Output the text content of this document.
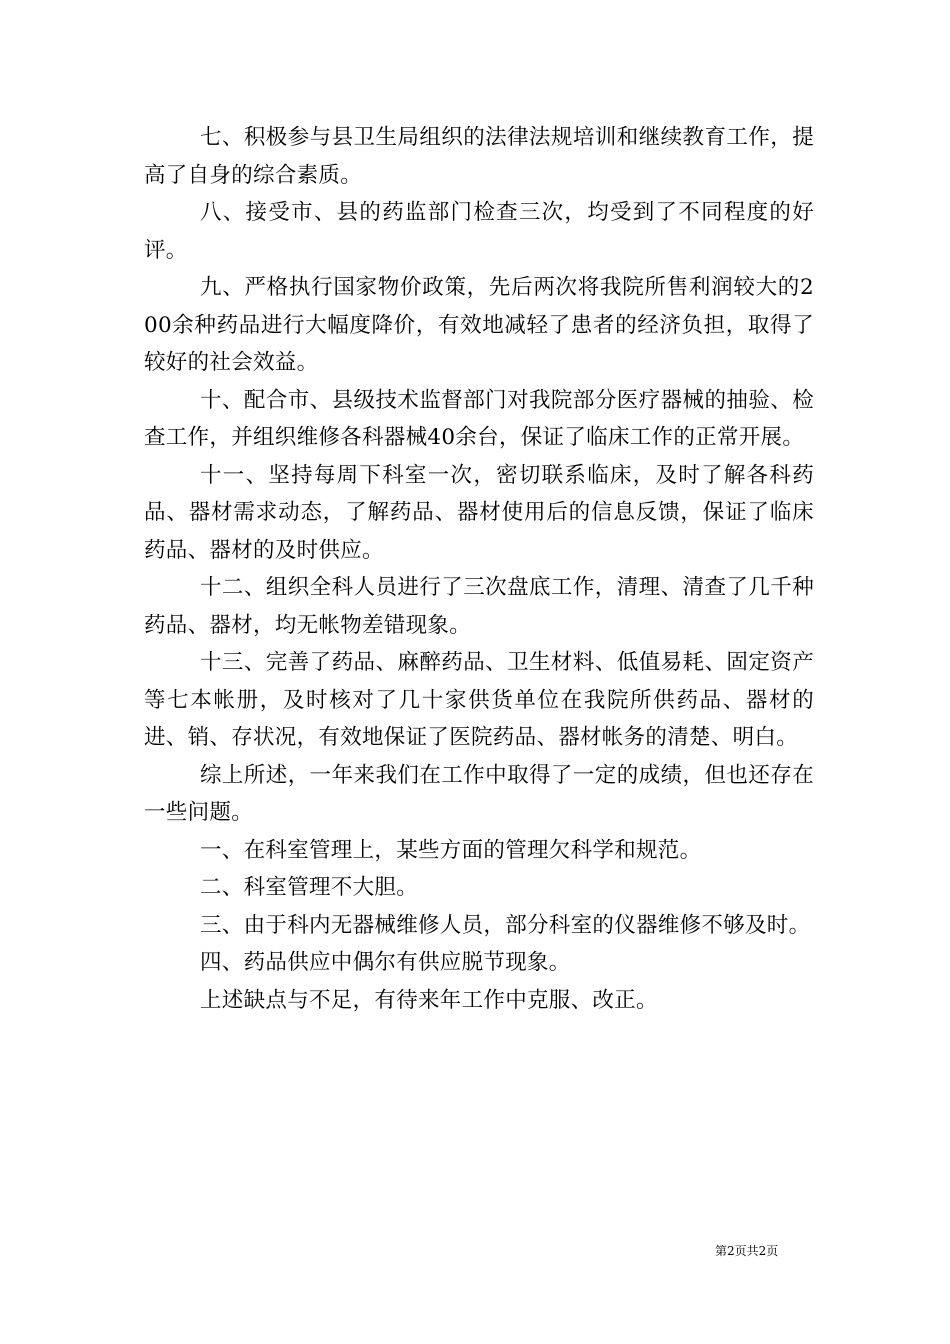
七、积极参与县卫生局组织的法律法规培训和继续教育工作，提高了自身的综合素质。

八、接受市、县的药监部门检查三次，均受到了不同程度的好评。

九、严格执行国家物价政策，先后两次将我院所售利润较大的200余种药品进行大幅度降价，有效地减轻了患者的经济负担，取得了较好的社会效益。

十、配合市、县级技术监督部门对我院部分医疗器械的抽验、检查工作，并组织维修各科器械40余台，保证了临床工作的正常开展。

十一、坚持每周下科室一次，密切联系临床，及时了解各科药品、器材需求动态，了解药品、器材使用后的信息反馈，保证了临床药品、器材的及时供应。

十二、组织全科人员进行了三次盘底工作，清理、清查了几千种药品、器材，均无帐物差错现象。

十三、完善了药品、麻醉药品、卫生材料、低值易耗、固定资产等七本帐册，及时核对了几十家供货单位在我院所供药品、器材的进、销、存状况，有效地保证了医院药品、器材帐务的清楚、明白。

综上所述，一年来我们在工作中取得了一定的成绩，但也还存在一些问题。

一、在科室管理上，某些方面的管理欠科学和规范。

二、科室管理不大胆。

三、由于科内无器械维修人员，部分科室的仪器维修不够及时。

四、药品供应中偶尔有供应脱节现象。

上述缺点与不足，有待来年工作中克服、改正。

第2页共2页
